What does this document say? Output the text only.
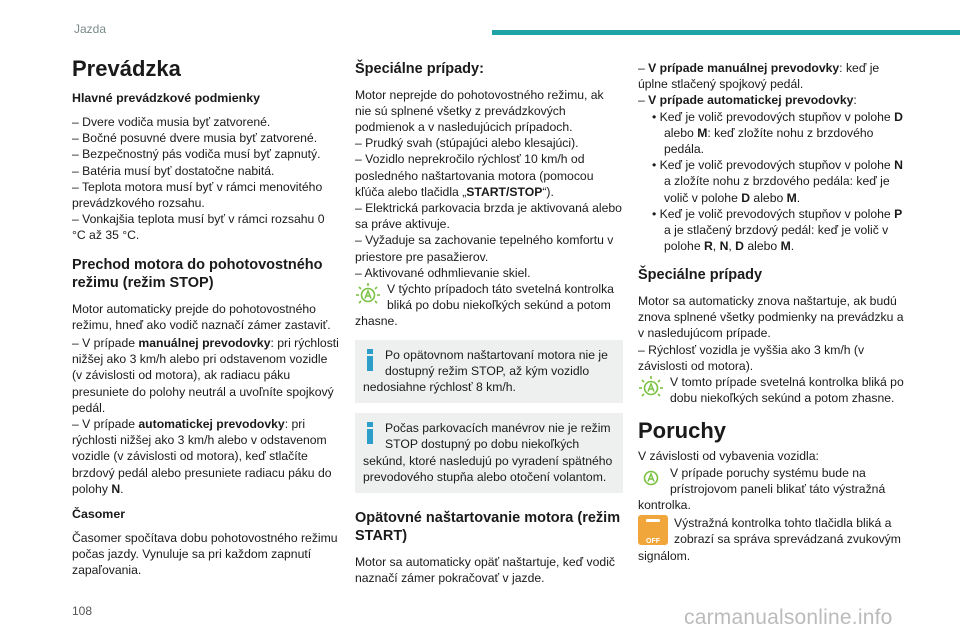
Jazda
Prevádzka
Hlavné prevádzkové podmienky
– Dvere vodiča musia byť zatvorené.
– Bočné posuvné dvere musia byť zatvorené.
– Bezpečnostný pás vodiča musí byť zapnutý.
– Batéria musí byť dostatočne nabitá.
– Teplota motora musí byť v rámci menovitého prevádzkového rozsahu.
– Vonkajšia teplota musí byť v rámci rozsahu 0 °C až 35 °C.
Prechod motora do pohotovostného režimu (režim STOP)
Motor automaticky prejde do pohotovostného režimu, hneď ako vodič naznačí zámer zastaviť.
– V prípade manuálnej prevodovky: pri rýchlosti nižšej ako 3 km/h alebo pri odstavenom vozidle (v závislosti od motora), ak radiacu páku presuniete do polohy neutrál a uvoľníte spojkový pedál.
– V prípade automatickej prevodovky: pri rýchlosti nižšej ako 3 km/h alebo v odstavenom vozidle (v závislosti od motora), keď stlačíte brzdový pedál alebo presuniete radiacu páku do polohy N.
Časomer
Časomer spočítava dobu pohotovostného režimu počas jazdy. Vynuluje sa pri každom zapnutí zapaľovania.
Špeciálne prípady:
Motor neprejde do pohotovostného režimu, ak nie sú splnené všetky z prevádzkových podmienok a v nasledujúcich prípadoch.
– Prudký svah (stúpajúci alebo klesajúci).
– Vozidlo neprekročilo rýchlosť 10 km/h od posledného naštartovania motora (pomocou kľúča alebo tlačidla „START/STOP“).
– Elektrická parkovacia brzda je aktivovaná alebo sa práve aktivuje.
– Vyžaduje sa zachovanie tepelného komfortu v priestore pre pasažierov.
– Aktivované odhmlievanie skiel.
V týchto prípadoch táto svetelná kontrolka bliká po dobu niekoľkých sekúnd a potom zhasne.
Po opätovnom naštartovaní motora nie je dostupný režim STOP, až kým vozidlo nedosiahne rýchlosť 8 km/h.
Počas parkovacích manévrov nie je režim STOP dostupný po dobu niekoľkých sekúnd, ktoré nasledujú po vyradení spätného prevodového stupňa alebo otočení volantom.
Opätovné naštartovanie motora (režim START)
Motor sa automaticky opäť naštartuje, keď vodič naznačí zámer pokračovať v jazde.
– V prípade manuálnej prevodovky: keď je úplne stlačený spojkový pedál.
– V prípade automatickej prevodovky:
• Keď je volič prevodových stupňov v polohe D alebo M: keď zložíte nohu z brzdového pedála.
• Keď je volič prevodových stupňov v polohe N a zložíte nohu z brzdového pedála: keď je volič v polohe D alebo M.
• Keď je volič prevodových stupňov v polohe P a je stlačený brzdový pedál: keď je volič v polohe R, N, D alebo M.
Špeciálne prípady
Motor sa automaticky znova naštartuje, ak budú znova splnené všetky podmienky na prevádzku a v nasledujúcom prípade.
– Rýchlosť vozidla je vyššia ako 3 km/h (v závislosti od motora).
V tomto prípade svetelná kontrolka bliká po dobu niekoľkých sekúnd a potom zhasne.
Poruchy
V závislosti od vybavenia vozidla:
V prípade poruchy systému bude na prístrojovom paneli blikať táto výstražná kontrolka.
OFF
Výstražná kontrolka tohto tlačidla bliká a zobrazí sa správa sprevádzaná zvukovým signálom.
108	carmanualsonline.info
